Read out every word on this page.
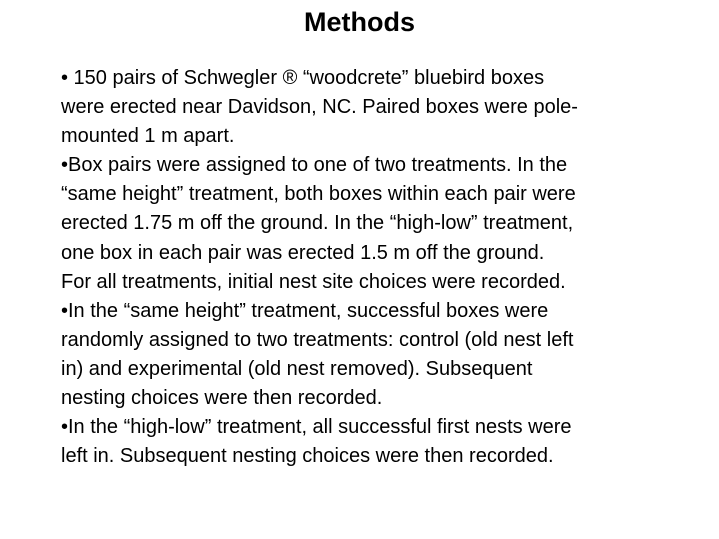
Methods
• 150 pairs of Schwegler ® “woodcrete” bluebird boxes
were erected near Davidson, NC. Paired boxes were pole-
mounted 1 m apart.
•Box pairs were assigned to one of two treatments. In the
“same height” treatment, both boxes within each pair were
erected 1.75 m off the ground. In the “high-low” treatment,
one box in each pair was erected 1.5 m off the ground.
For all treatments, initial nest site choices were recorded.
•In the “same height” treatment, successful boxes were
randomly assigned to two treatments: control (old nest left
in) and experimental (old nest removed). Subsequent
nesting choices were then recorded.
•In the “high-low” treatment, all successful first nests were
left in. Subsequent nesting choices were then recorded.
